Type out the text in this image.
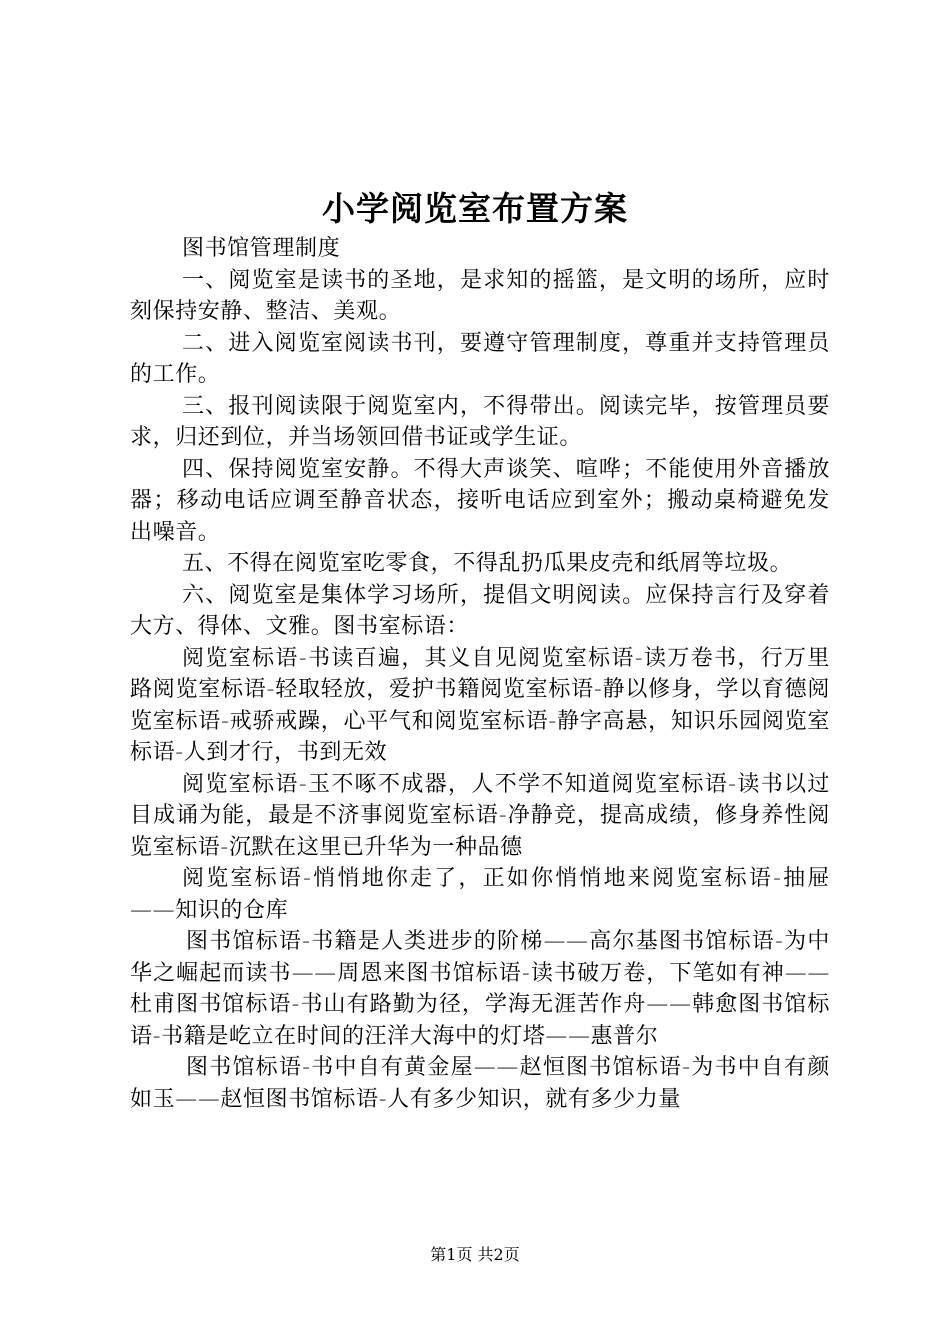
小学阅览室布置方案

图书馆管理制度

一、阅览室是读书的圣地，是求知的摇篮，是文明的场所，应时刻保持安静、整洁、美观。

二、进入阅览室阅读书刊，要遵守管理制度，尊重并支持管理员的工作。

三、报刊阅读限于阅览室内，不得带出。阅读完毕，按管理员要求，归还到位，并当场领回借书证或学生证。

四、保持阅览室安静。不得大声谈笑、喧哗；不能使用外音播放器；移动电话应调至静音状态，接听电话应到室外；搬动桌椅避免发出噪音。

五、不得在阅览室吃零食，不得乱扔瓜果皮壳和纸屑等垃圾。

六、阅览室是集体学习场所，提倡文明阅读。应保持言行及穿着大方、得体、文雅。图书室标语：

阅览室标语-书读百遍，其义自见阅览室标语-读万卷书，行万里路阅览室标语-轻取轻放，爱护书籍阅览室标语-静以修身，学以育德阅览室标语-戒骄戒躁，心平气和阅览室标语-静字高悬，知识乐园阅览室标语-人到才行，书到无效

阅览室标语-玉不啄不成器，人不学不知道阅览室标语-读书以过目成诵为能，最是不济事阅览室标语-净静竞，提高成绩，修身养性阅览室标语-沉默在这里已升华为一种品德

阅览室标语-悄悄地你走了，正如你悄悄地来阅览室标语-抽屉——知识的仓库

图书馆标语-书籍是人类进步的阶梯——高尔基图书馆标语-为中华之崛起而读书——周恩来图书馆标语-读书破万卷，下笔如有神——杜甫图书馆标语-书山有路勤为径，学海无涯苦作舟——韩愈图书馆标语-书籍是屹立在时间的汪洋大海中的灯塔——惠普尔

图书馆标语-书中自有黄金屋——赵恒图书馆标语-为书中自有颜如玉——赵恒图书馆标语-人有多少知识，就有多少力量

第1页 共2页
